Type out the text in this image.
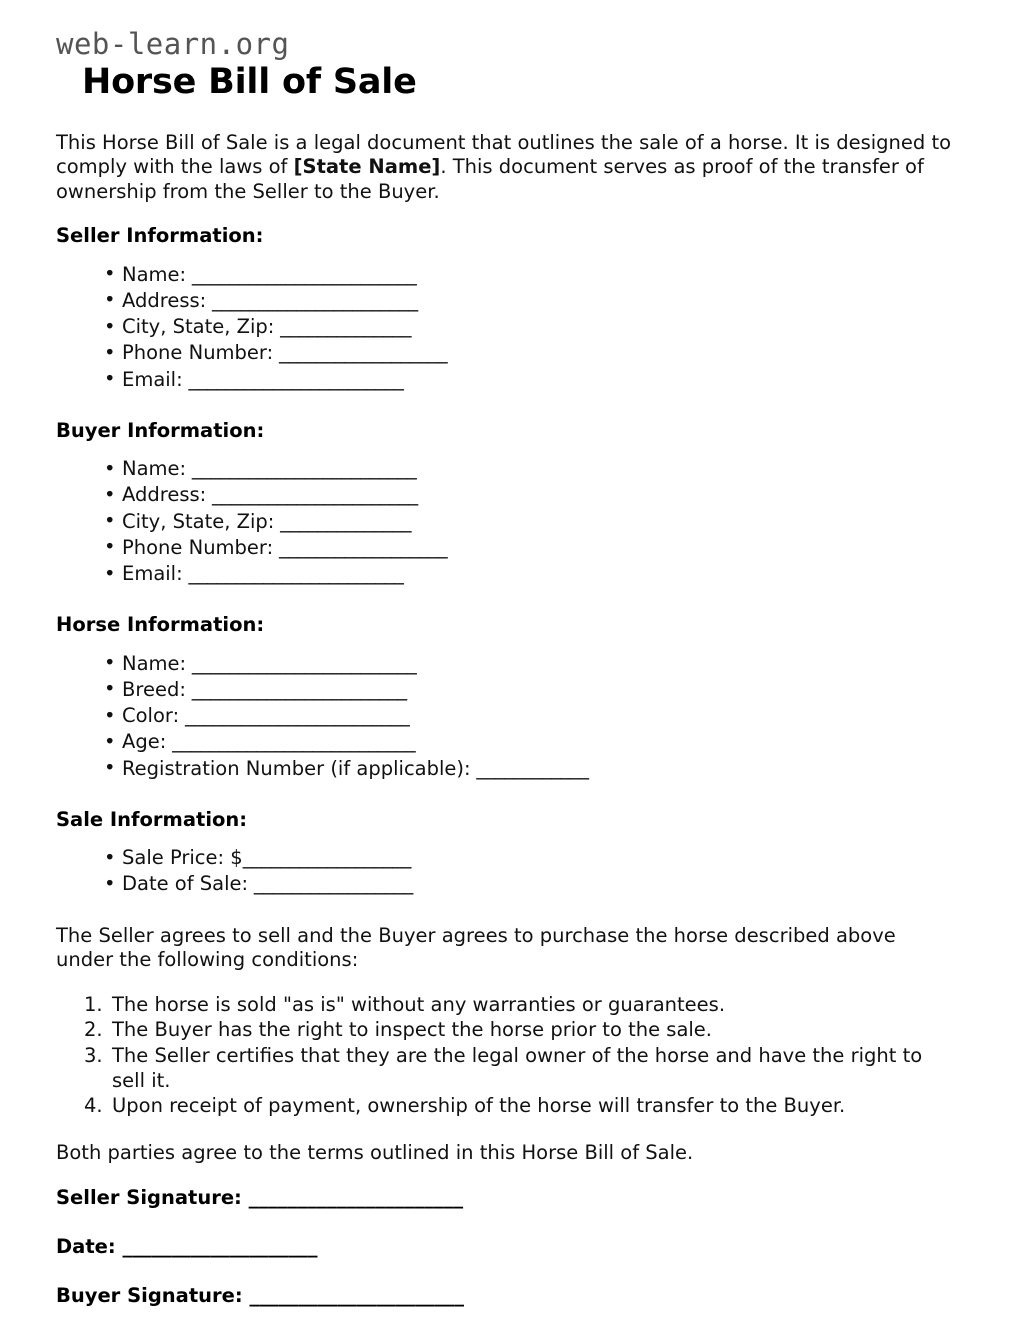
web-learn.org
Horse Bill of Sale

This Horse Bill of Sale is a legal document that outlines the sale of a horse. It is designed to comply with the laws of [State Name]. This document serves as proof of the transfer of ownership from the Seller to the Buyer.

Seller Information:
• Name: ________________________
• Address: ______________________
• City, State, Zip: ______________
• Phone Number: __________________
• Email: _______________________
Buyer Information:
• Name: ________________________
• Address: ______________________
• City, State, Zip: ______________
• Phone Number: __________________
• Email: _______________________
Horse Information:
• Name: ________________________
• Breed: _______________________
• Color: ________________________
• Age: __________________________
• Registration Number (if applicable): ____________
Sale Information:
• Sale Price: $__________________
• Date of Sale: _________________

The Seller agrees to sell and the Buyer agrees to purchase the horse described above under the following conditions:

The horse is sold "as is" without any warranties or guarantees.
The Buyer has the right to inspect the horse prior to the sale.
The Seller certifies that they are the legal owner of the horse and have the right to sell it.
Upon receipt of payment, ownership of the horse will transfer to the Buyer.

Both parties agree to the terms outlined in this Horse Bill of Sale.

Seller Signature: ______________________
Date: ____________________
Buyer Signature: ______________________
